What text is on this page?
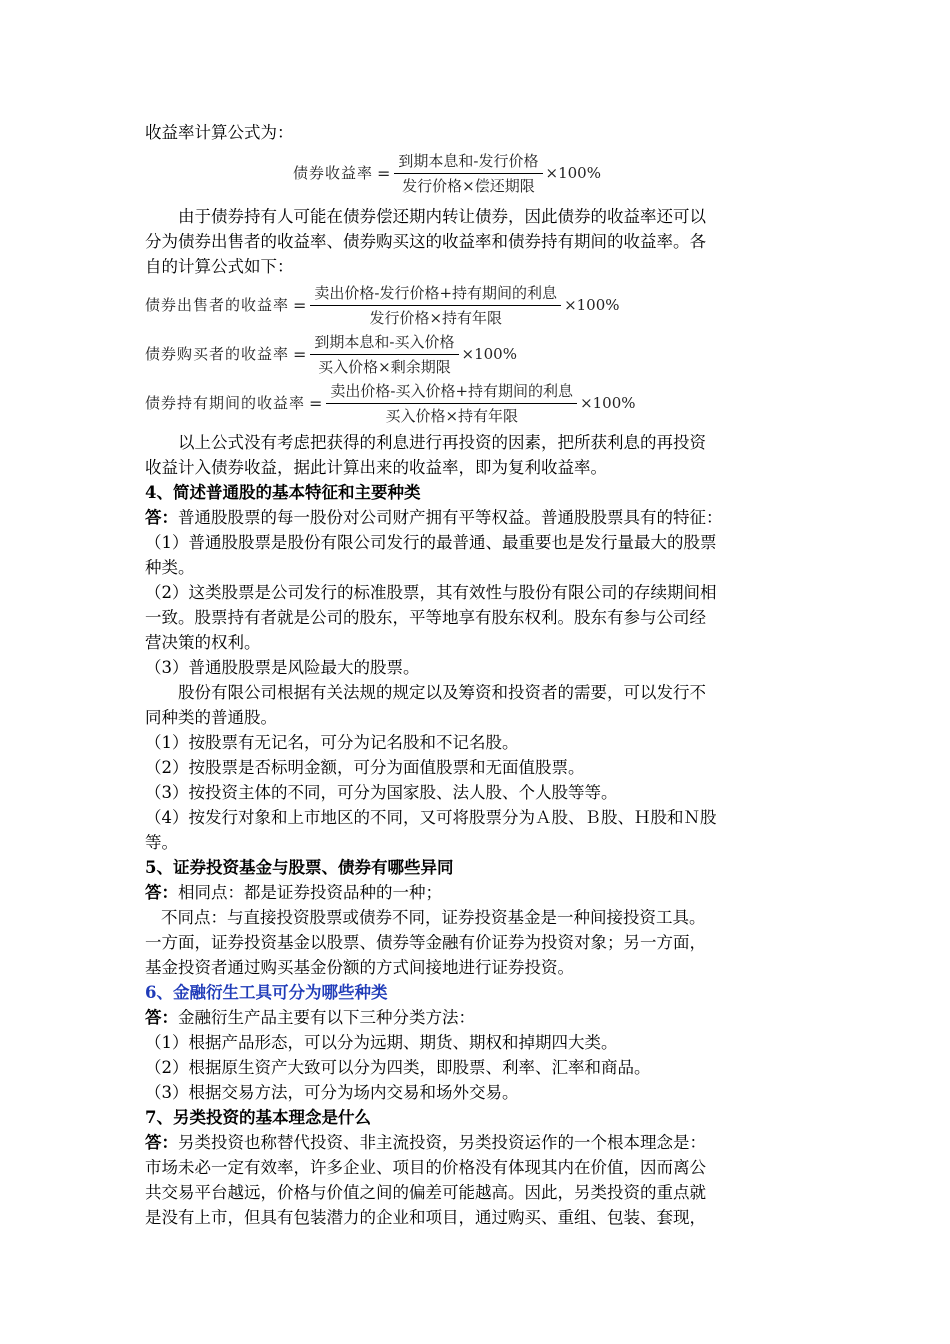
收益率计算公式为：
债券收益率 = $\frac{\text{到期本息和-发行价格}}{\text{发行价格×偿还期限}} \times 100\%$
由于债券持有人可能在债券偿还期内转让债券，因此债券的收益率还可以
分为债券出售者的收益率、债券购买这的收益率和债券持有期间的收益率。各
自的计算公式如下：
债券出售者的收益率 = $\frac{\text{卖出价格-发行价格+持有期间的利息}}{\text{发行价格×持有年限}} \times 100\%$
债券购买者的收益率 = $\frac{\text{到期本息和-买入价格}}{\text{买入价格×剩余期限}} \times 100\%$
债券持有期间的收益率 = $\frac{\text{卖出价格-买入价格+持有期间的利息}}{\text{买入价格×持有年限}} \times 100\%$
以上公式没有考虑把获得的利息进行再投资的因素，把所获利息的再投资
收益计入债券收益，据此计算出来的收益率，即为复利收益率。
4、简述普通股的基本特征和主要种类
答：普通股股票的每一股份对公司财产拥有平等权益。普通股股票具有的特征：
（1）普通股股票是股份有限公司发行的最普通、最重要也是发行量最大的股票
种类。
（2）这类股票是公司发行的标准股票，其有效性与股份有限公司的存续期间相
一致。股票持有者就是公司的股东，平等地享有股东权利。股东有参与公司经
营决策的权利。
（3）普通股股票是风险最大的股票。
股份有限公司根据有关法规的规定以及筹资和投资者的需要，可以发行不
同种类的普通股。
（1）按股票有无记名，可分为记名股和不记名股。
（2）按股票是否标明金额，可分为面值股票和无面值股票。
（3）按投资主体的不同，可分为国家股、法人股、个人股等等。
（4）按发行对象和上市地区的不同，又可将股票分为Ａ股、Ｂ股、Ｈ股和Ｎ股
等。
5、证券投资基金与股票、债券有哪些异同
答：相同点：都是证券投资品种的一种；
不同点：与直接投资股票或债券不同，证券投资基金是一种间接投资工具。
一方面，证券投资基金以股票、债券等金融有价证券为投资对象；另一方面，
基金投资者通过购买基金份额的方式间接地进行证券投资。
6、金融衍生工具可分为哪些种类
答：金融衍生产品主要有以下三种分类方法：
（1）根据产品形态，可以分为远期、期货、期权和掉期四大类。
（2）根据原生资产大致可以分为四类，即股票、利率、汇率和商品。
（3）根据交易方法，可分为场内交易和场外交易。
7、另类投资的基本理念是什么
答：另类投资也称替代投资、非主流投资，另类投资运作的一个根本理念是：
市场未必一定有效率，许多企业、项目的价格没有体现其内在价值，因而离公
共交易平台越远，价格与价值之间的偏差可能越高。因此，另类投资的重点就
是没有上市，但具有包装潜力的企业和项目，通过购买、重组、包装、套现，
